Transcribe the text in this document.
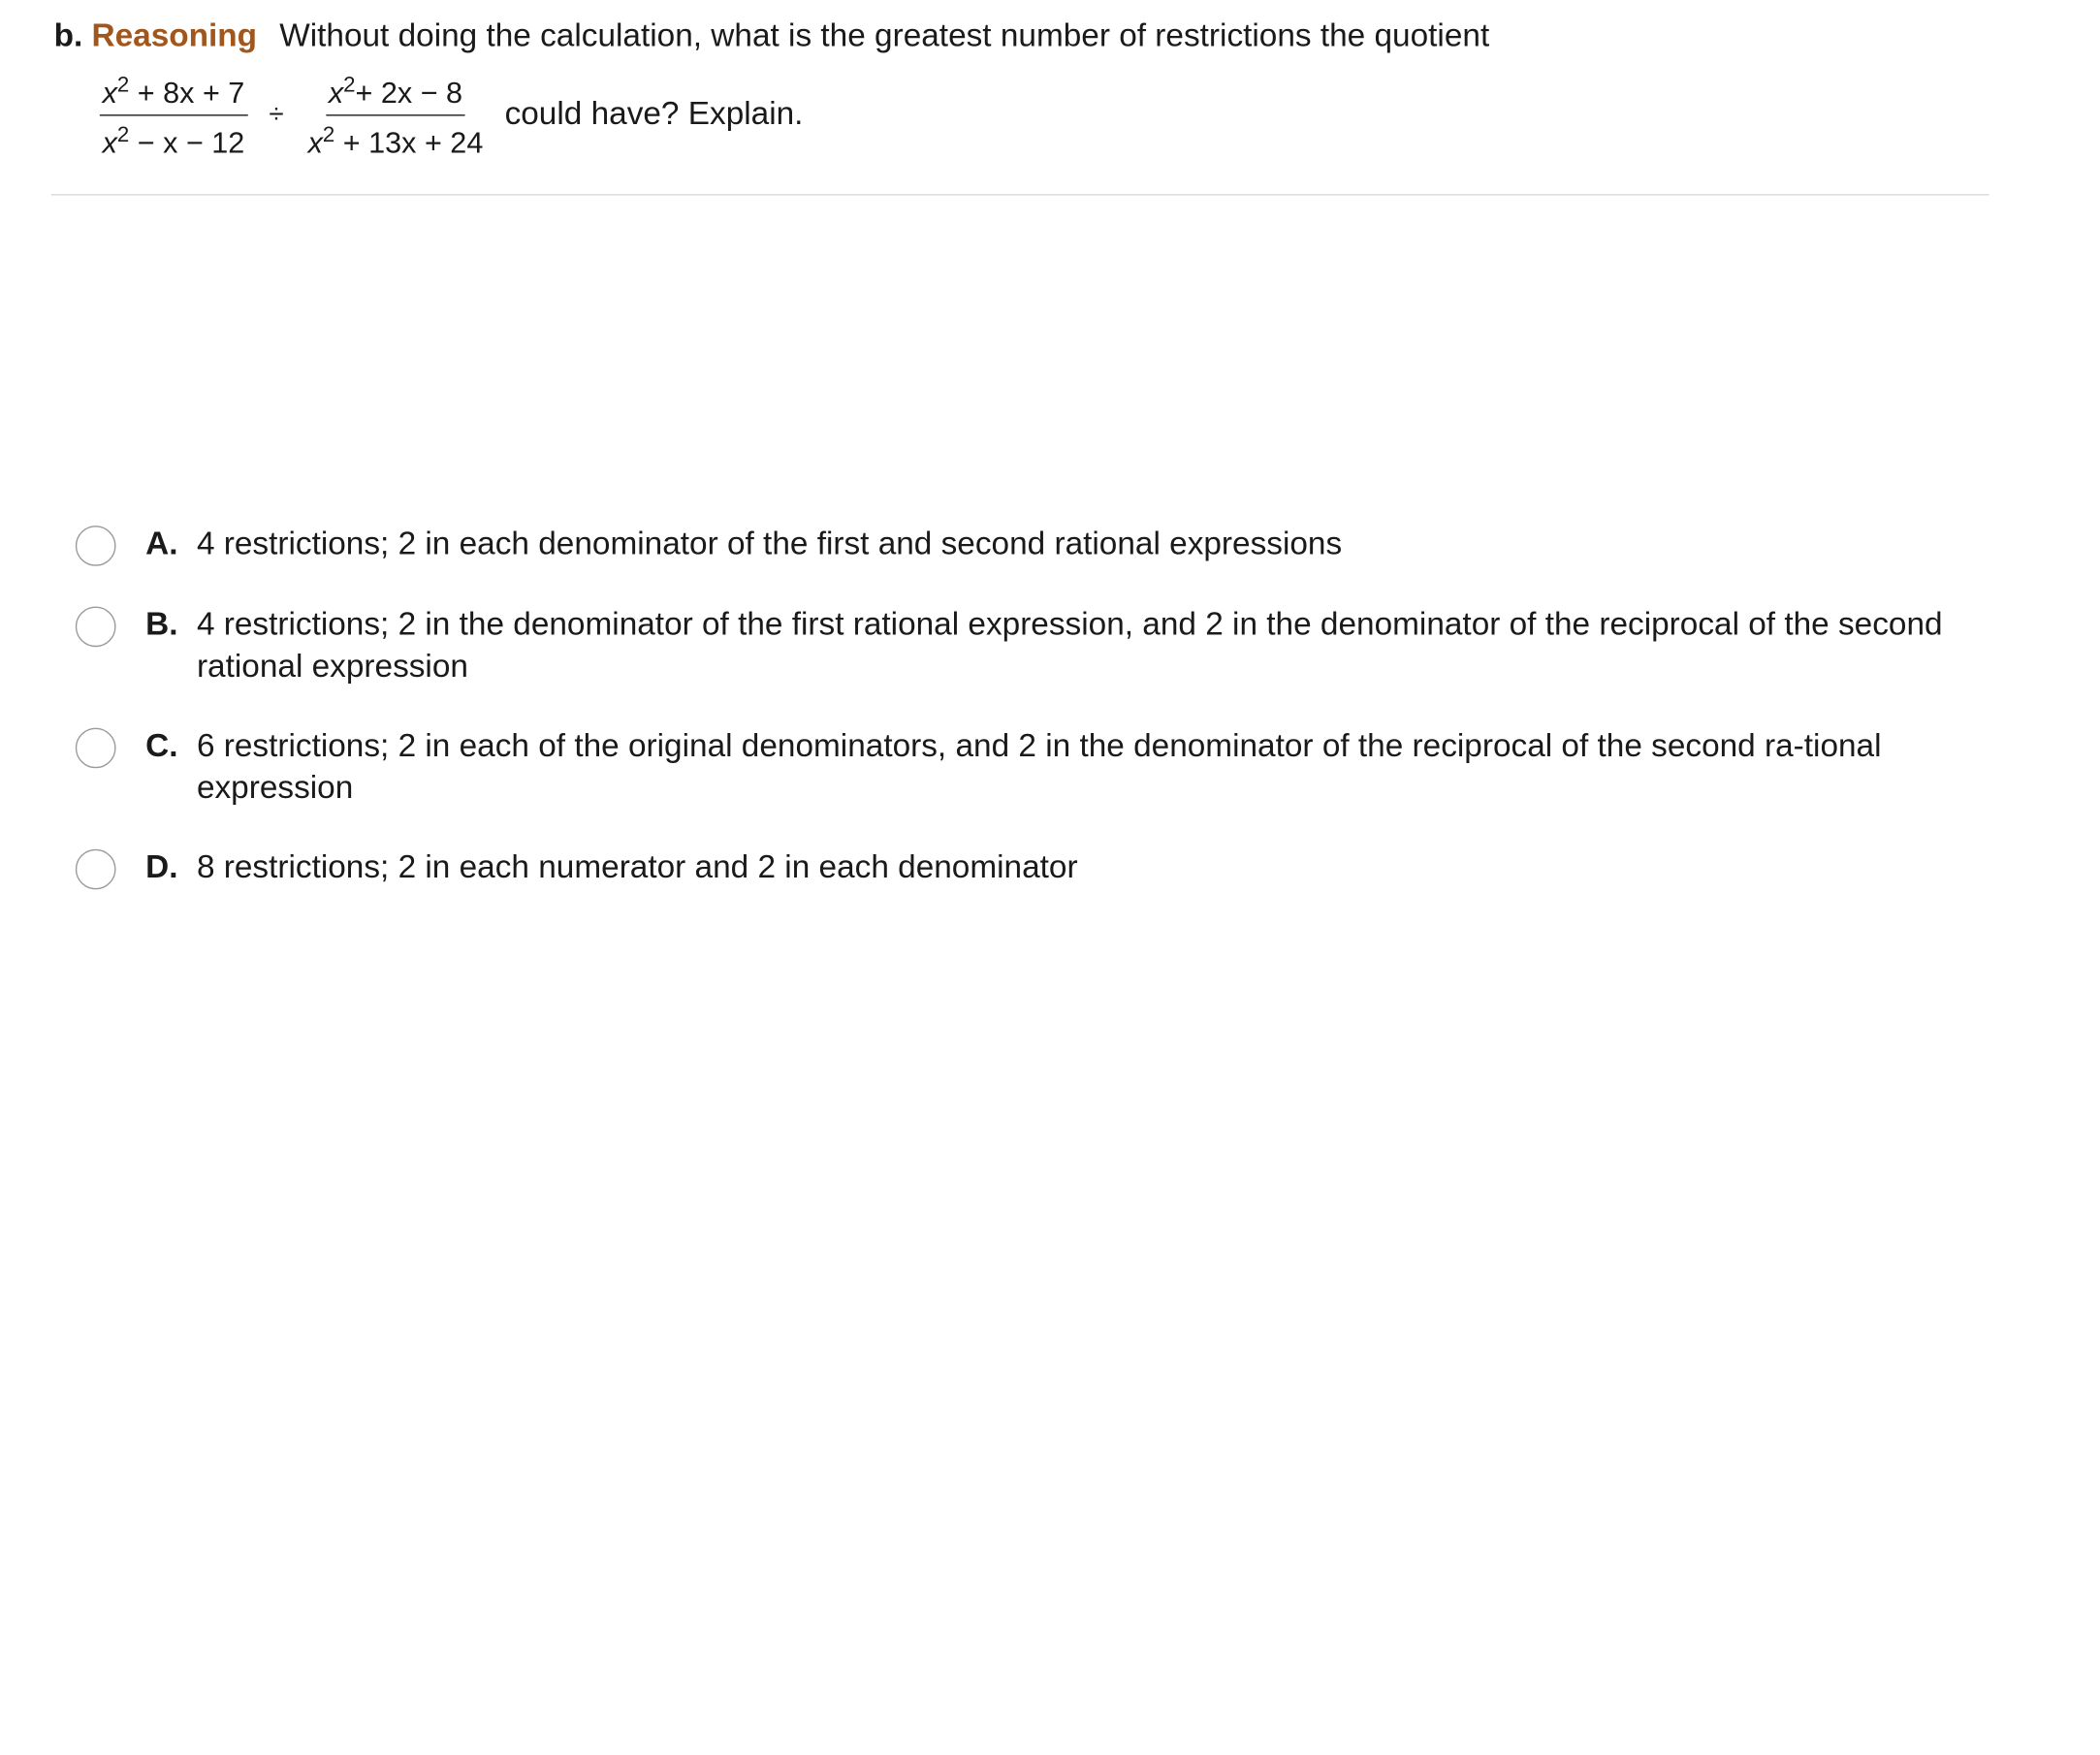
b. Reasoning Without doing the calculation, what is the greatest number of restrictions the quotient
$\frac{x^2 + 8x + 7}{x^2 - x - 12} \div \frac{x^2+ 2x - 8}{x^2 + 13x + 24}$ could have? Explain.
A. 4 restrictions; 2 in each denominator of the first and second rational expressions
B. 4 restrictions; 2 in the denominator of the first rational expression, and 2 in the denominator of the reciprocal of the second rational expression
C. 6 restrictions; 2 in each of the original denominators, and 2 in the denominator of the reciprocal of the second ra-tional expression
D. 8 restrictions; 2 in each numerator and 2 in each denominator
